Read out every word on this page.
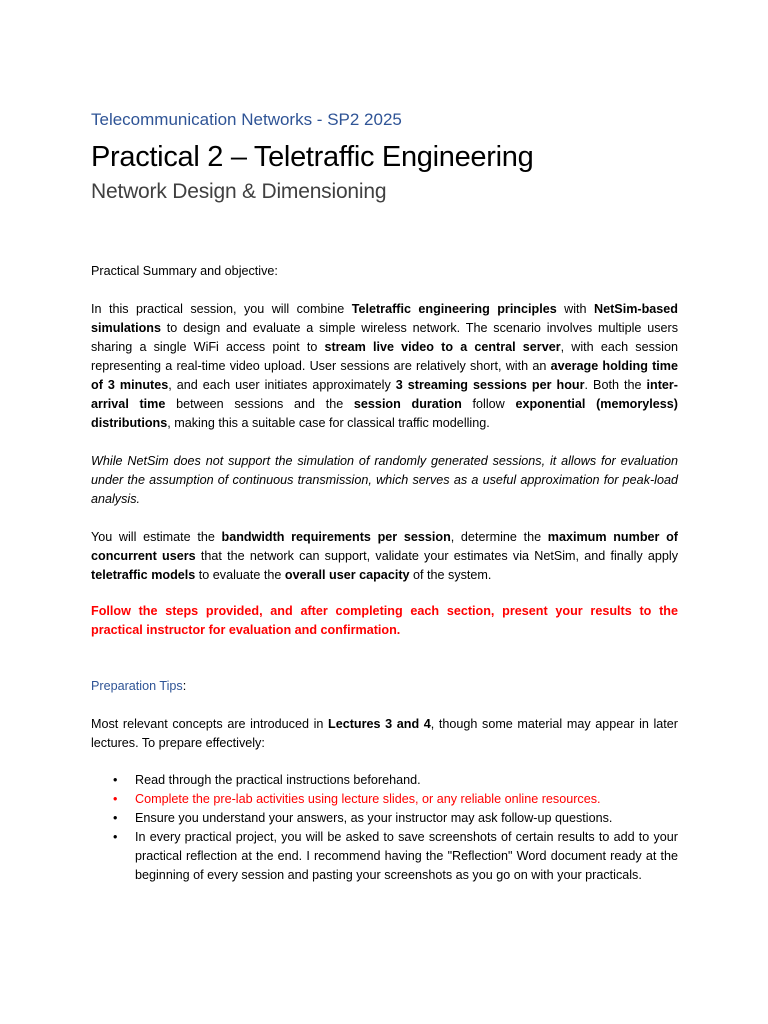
Telecommunication Networks - SP2 2025

Practical 2 – Teletraffic Engineering
Network Design & Dimensioning

Practical Summary and objective:

In this practical session, you will combine Teletraffic engineering principles with NetSim-based simulations to design and evaluate a simple wireless network. The scenario involves multiple users sharing a single WiFi access point to stream live video to a central server, with each session representing a real-time video upload. User sessions are relatively short, with an average holding time of 3 minutes, and each user initiates approximately 3 streaming sessions per hour. Both the inter-arrival time between sessions and the session duration follow exponential (memoryless) distributions, making this a suitable case for classical traffic modelling.

While NetSim does not support the simulation of randomly generated sessions, it allows for evaluation under the assumption of continuous transmission, which serves as a useful approximation for peak-load analysis.

You will estimate the bandwidth requirements per session, determine the maximum number of concurrent users that the network can support, validate your estimates via NetSim, and finally apply teletraffic models to evaluate the overall user capacity of the system.

Follow the steps provided, and after completing each section, present your results to the practical instructor for evaluation and confirmation.

Preparation Tips:

Most relevant concepts are introduced in Lectures 3 and 4, though some material may appear in later lectures. To prepare effectively:

• Read through the practical instructions beforehand.
• Complete the pre-lab activities using lecture slides, or any reliable online resources.
• Ensure you understand your answers, as your instructor may ask follow-up questions.
• In every practical project, you will be asked to save screenshots of certain results to add to your practical reflection at the end. I recommend having the "Reflection" Word document ready at the beginning of every session and pasting your screenshots as you go on with your practicals.
